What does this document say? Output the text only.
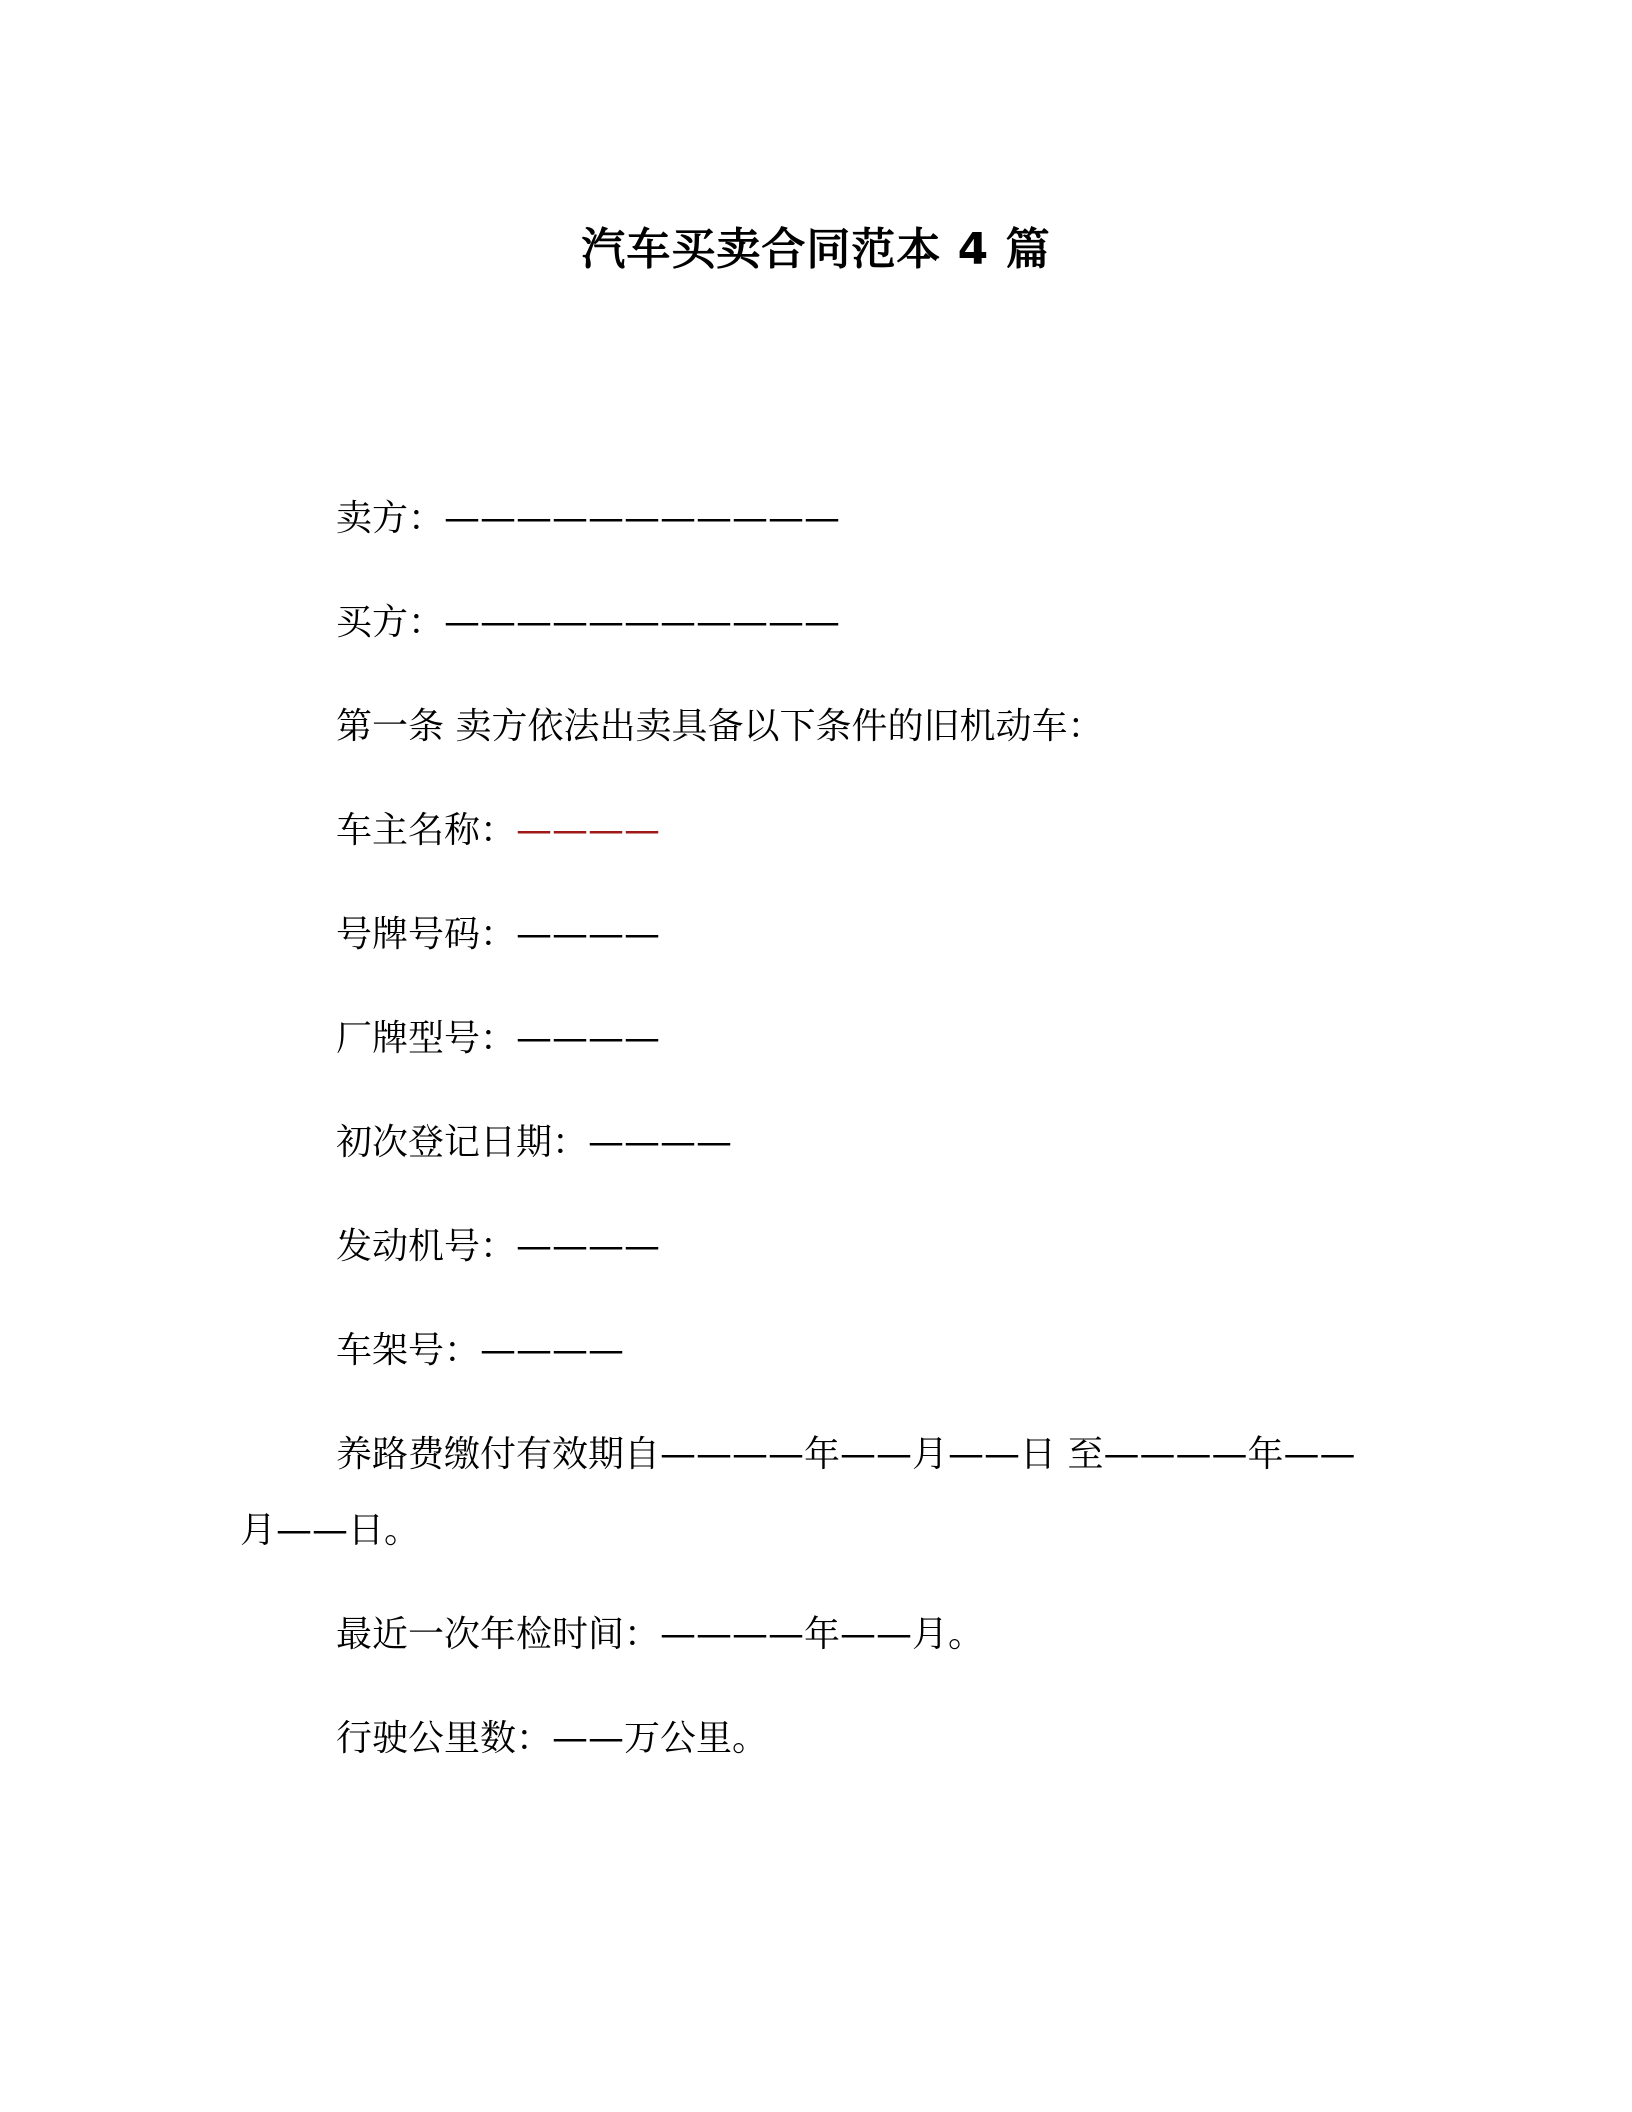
汽车买卖合同范本 4 篇
卖方：———————————
买方：———————————
第一条 卖方依法出卖具备以下条件的旧机动车：
车主名称：————
号牌号码：————
厂牌型号：————
初次登记日期：————
发动机号：————
车架号：————
养路费缴付有效期自————年——月——日 至————年——
月——日。
最近一次年检时间：————年——月。
行驶公里数：——万公里。
